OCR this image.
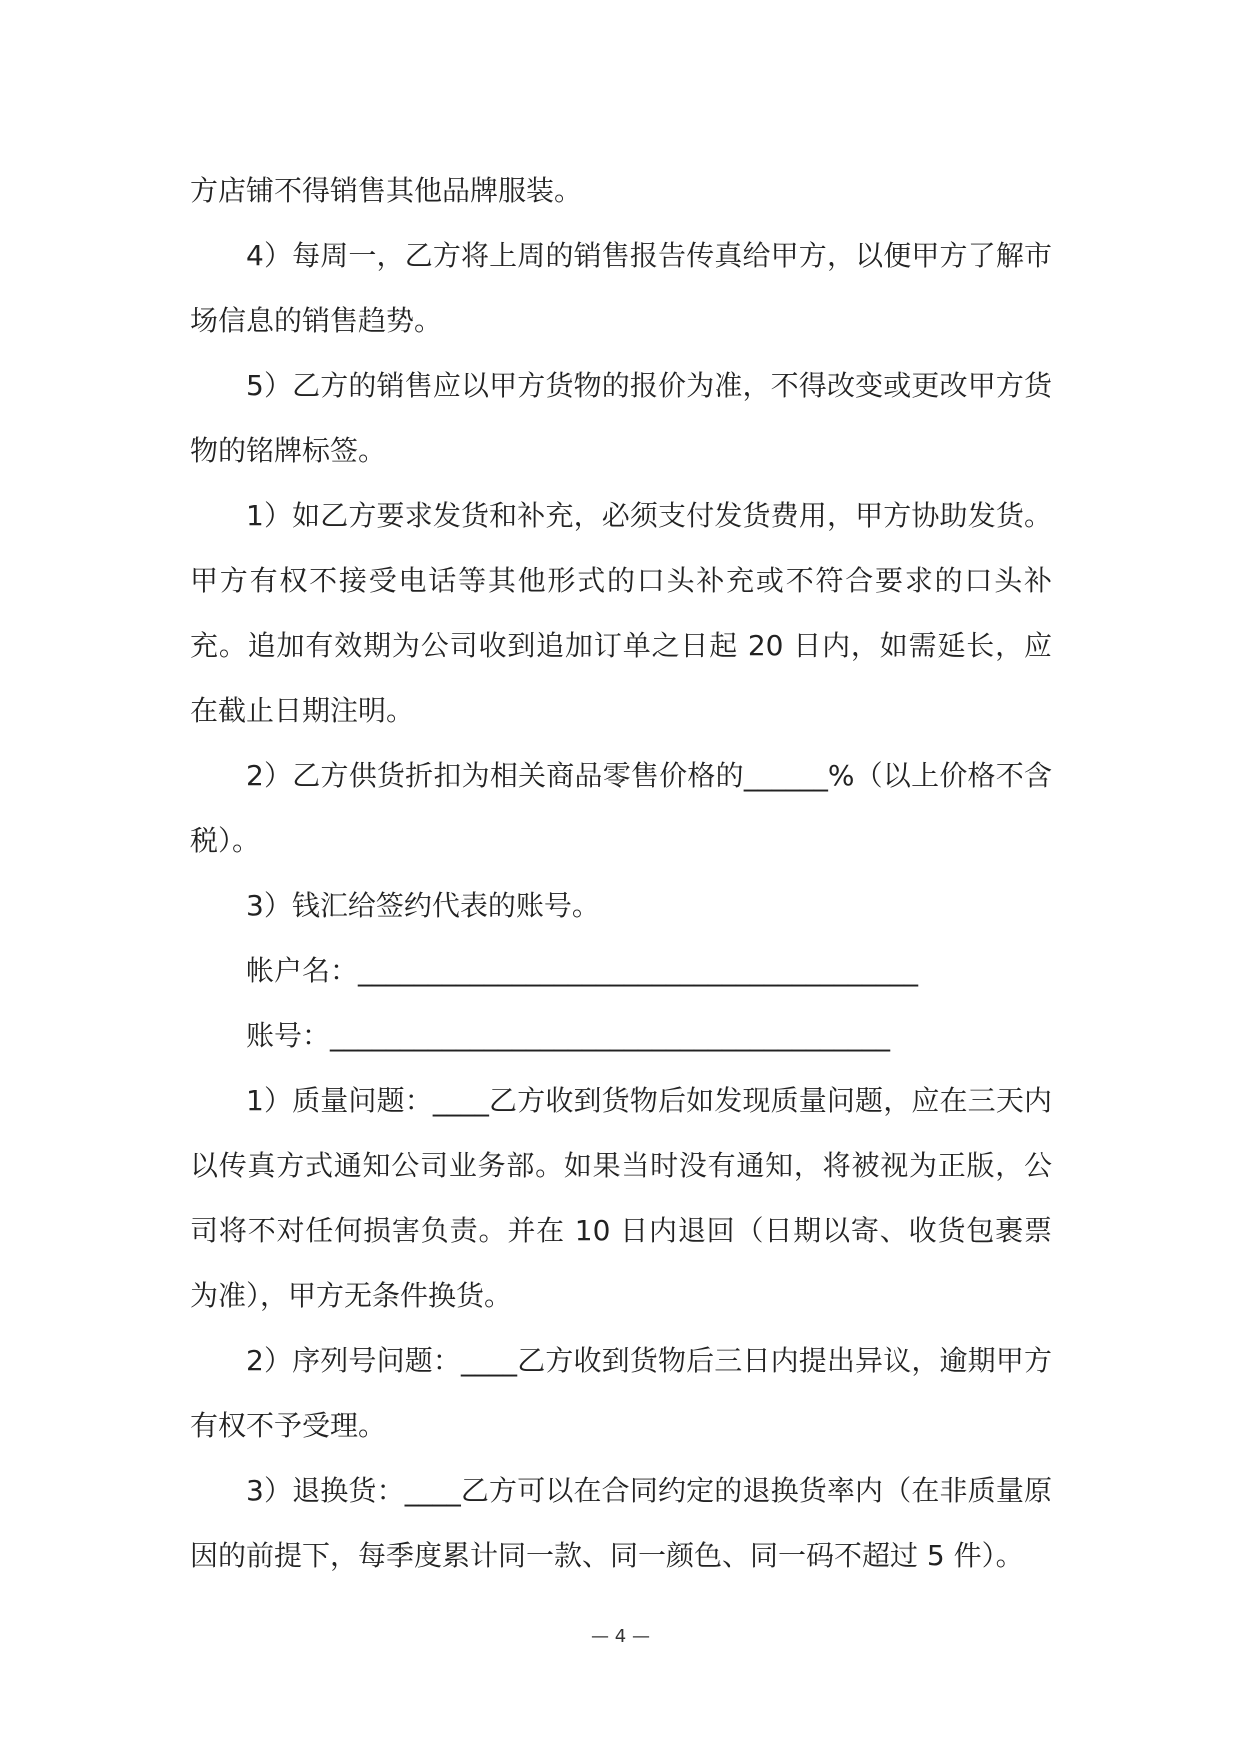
方店铺不得销售其他品牌服装。

4）每周一，乙方将上周的销售报告传真给甲方，以便甲方了解市场信息的销售趋势。

5）乙方的销售应以甲方货物的报价为准，不得改变或更改甲方货物的铭牌标签。

1）如乙方要求发货和补充，必须支付发货费用，甲方协助发货。甲方有权不接受电话等其他形式的口头补充或不符合要求的口头补充。追加有效期为公司收到追加订单之日起 20 日内，如需延长，应在截止日期注明。

2）乙方供货折扣为相关商品零售价格的______%（以上价格不含税）。

3）钱汇给签约代表的账号。

帐户名：________________________________________

账号：________________________________________

1）质量问题：____乙方收到货物后如发现质量问题，应在三天内以传真方式通知公司业务部。如果当时没有通知，将被视为正版，公司将不对任何损害负责。并在 10 日内退回（日期以寄、收货包裹票为准），甲方无条件换货。

2）序列号问题：____乙方收到货物后三日内提出异议，逾期甲方有权不予受理。

3）退换货：____乙方可以在合同约定的退换货率内（在非质量原因的前提下，每季度累计同一款、同一颜色、同一码不超过 5 件）。

— 4 —
